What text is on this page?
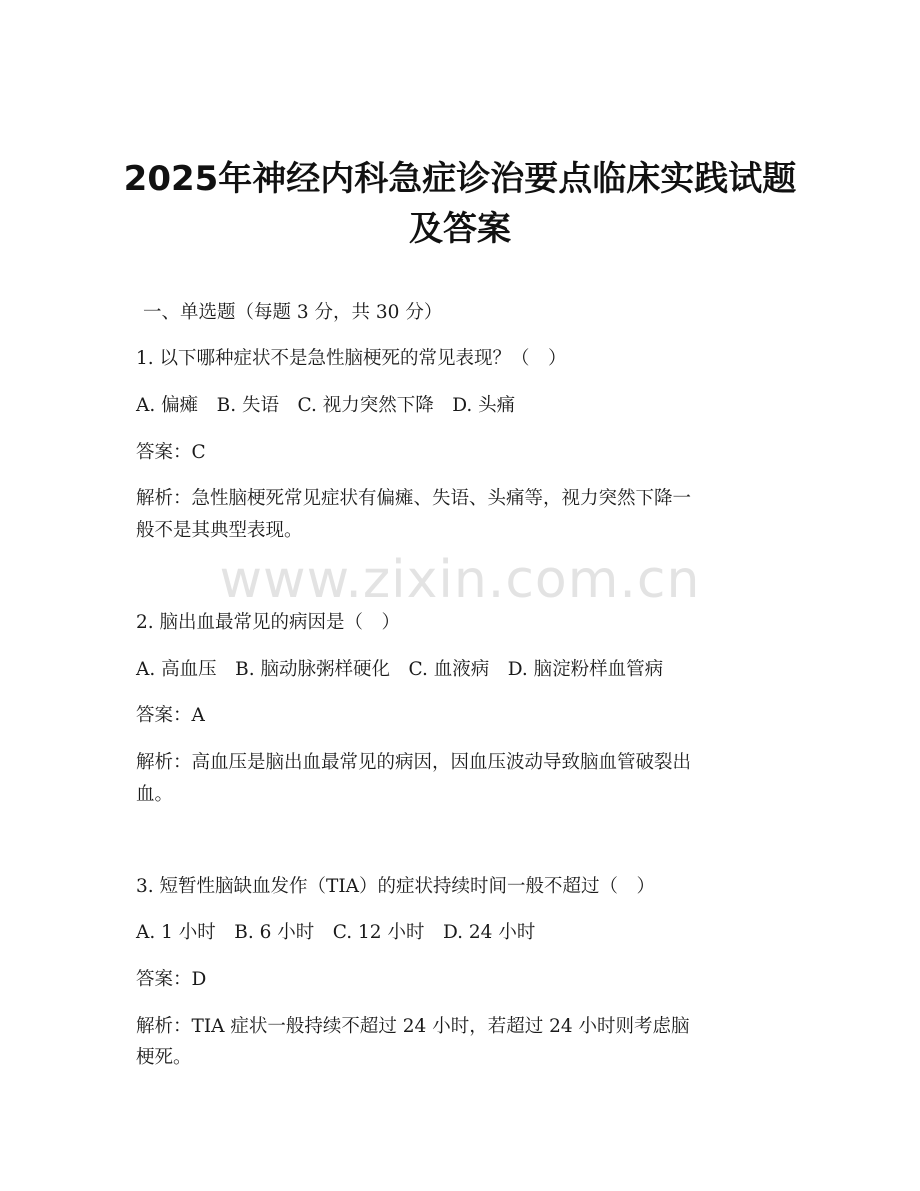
2025年神经内科急症诊治要点临床实践试题
及答案
一、单选题（每题 3 分，共 30 分）
1. 以下哪种症状不是急性脑梗死的常见表现？（　）
A. 偏瘫　B. 失语　C. 视力突然下降　D. 头痛
答案：C
解析：急性脑梗死常见症状有偏瘫、失语、头痛等，视力突然下降一
般不是其典型表现。
www.zixin.com.cn
2. 脑出血最常见的病因是（　）
A. 高血压　B. 脑动脉粥样硬化　C. 血液病　D. 脑淀粉样血管病
答案：A
解析：高血压是脑出血最常见的病因，因血压波动导致脑血管破裂出
血。
3. 短暂性脑缺血发作（TIA）的症状持续时间一般不超过（　）
A. 1 小时　B. 6 小时　C. 12 小时　D. 24 小时
答案：D
解析：TIA 症状一般持续不超过 24 小时，若超过 24 小时则考虑脑
梗死。
